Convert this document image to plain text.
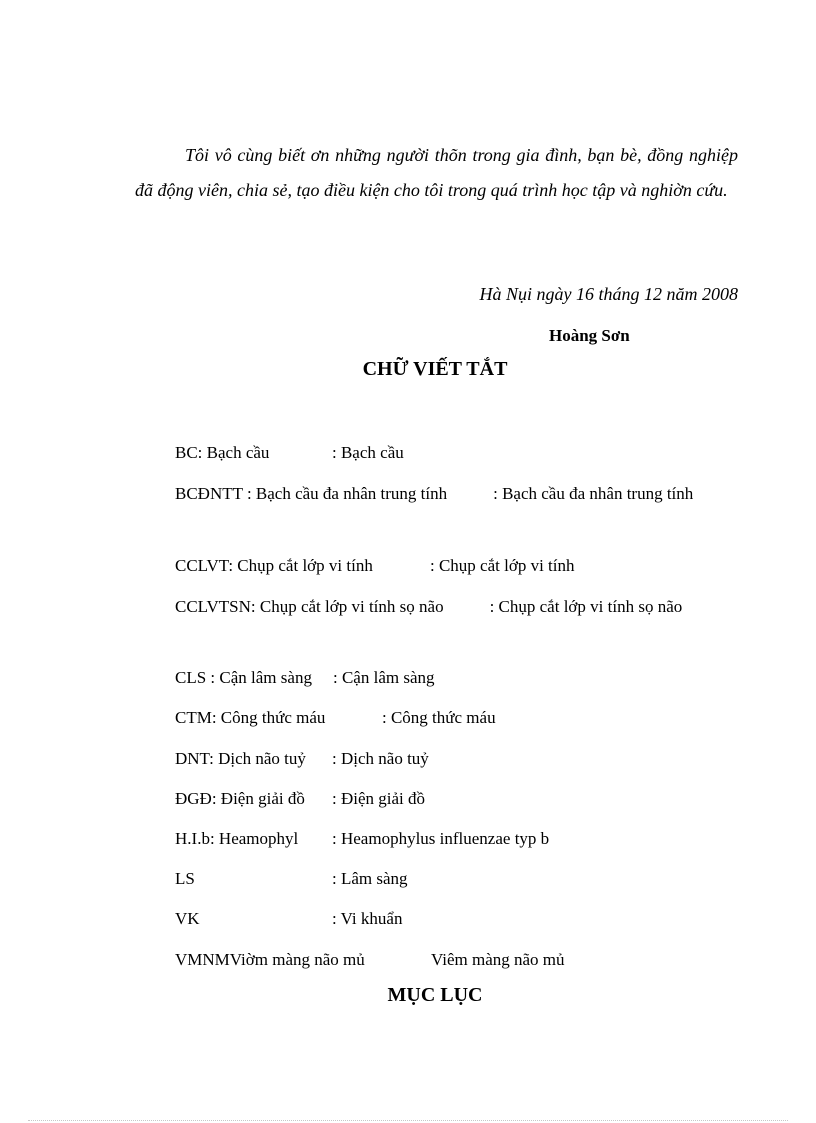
Tôi vô cùng biết ơn những người thõn trong gia đình, bạn bè, đồng nghiệp đã động viên, chia sẻ, tạo điều kiện cho tôi trong quá trình học tập và nghiờn cứu.
Hà Nụi ngày 16 tháng 12 năm 2008
Hoàng Sơn
CHỮ VIẾT TẮT
BC: Bạch cầu	: Bạch cầu
BCĐNTT : Bạch cầu đa nhân trung tính	: Bạch cầu đa nhân trung tính
CCLVT: Chụp cắt lớp vi tính	: Chụp cắt lớp vi tính
CCLVTSN: Chụp cắt lớp vi tính sọ não	: Chụp cắt lớp vi tính sọ não
CLS : Cận lâm sàng : Cận lâm sàng
CTM: Công thức máu	: Công thức máu
DNT: Dịch não tuỷ : Dịch não tuỷ
ĐGĐ: Điện giải đồ : Điện giải đồ
H.I.b: Heamophyl : Heamophylus influenzae typ b
LS	: Lâm sàng
VK	: Vi khuẩn
VMNMViờm màng não mủ	Viêm màng não mủ
MỤC LỤC
